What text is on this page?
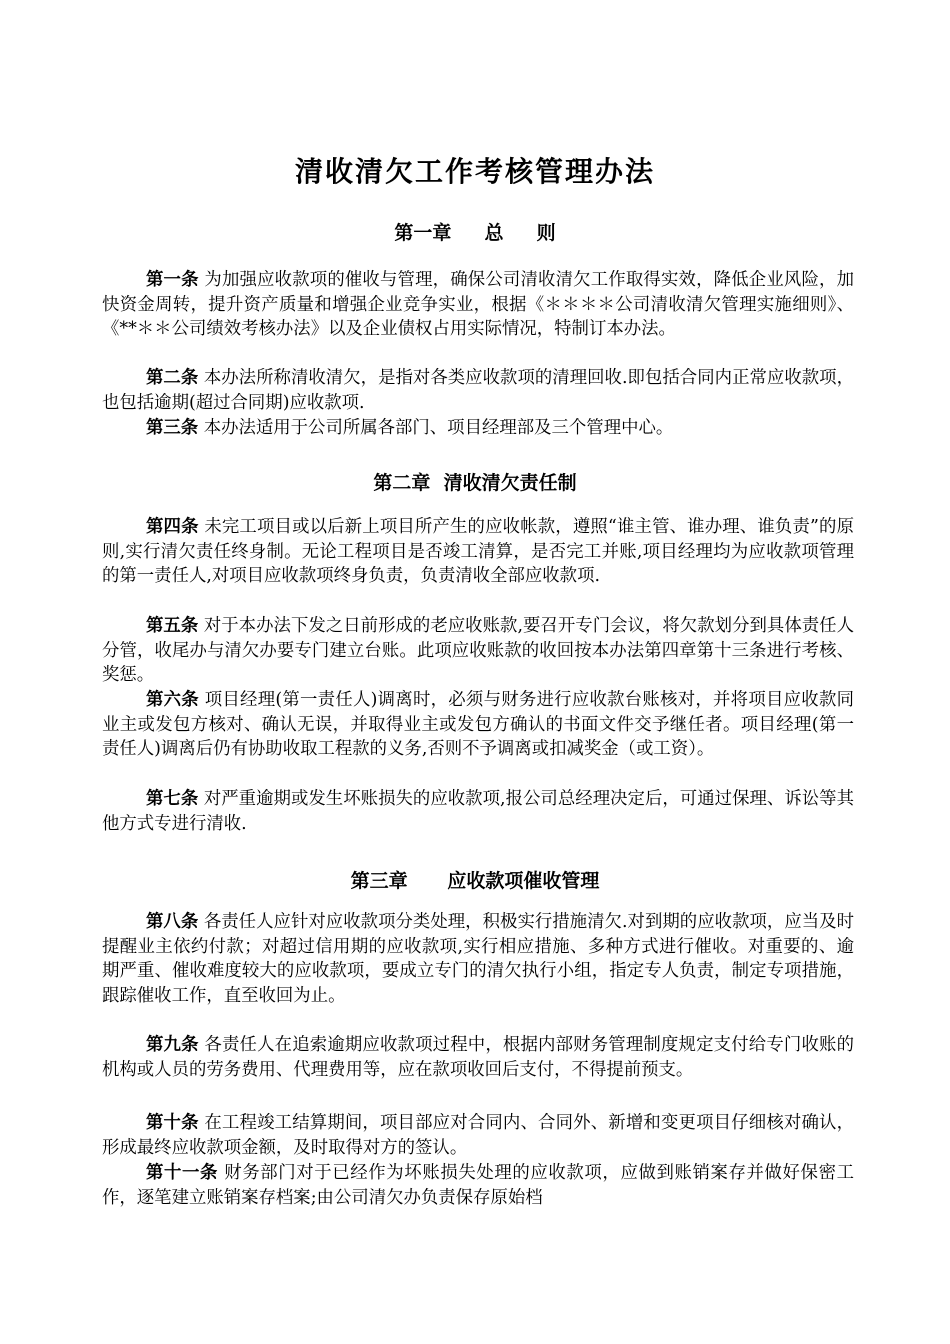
清收清欠工作考核管理办法
第一章     总     则
第一条 为加强应收款项的催收与管理，确保公司清收清欠工作取得实效，降低企业风险，加快资金周转，提升资产质量和增强企业竞争实业，根据《＊＊＊＊公司清收清欠管理实施细则》、《**＊＊公司绩效考核办法》以及企业债权占用实际情况，特制订本办法。
第二条 本办法所称清收清欠，是指对各类应收款项的清理回收.即包括合同内正常应收款项，也包括逾期(超过合同期)应收款项.
第三条 本办法适用于公司所属各部门、项目经理部及三个管理中心。
第二章  清收清欠责任制
第四条 未完工项目或以后新上项目所产生的应收帐款，遵照“谁主管、谁办理、谁负责”的原则,实行清欠责任终身制。无论工程项目是否竣工清算，是否完工并账,项目经理均为应收款项管理的第一责任人,对项目应收款项终身负责，负责清收全部应收款项.
第五条 对于本办法下发之日前形成的老应收账款,要召开专门会议，将欠款划分到具体责任人分管，收尾办与清欠办要专门建立台账。此项应收账款的收回按本办法第四章第十三条进行考核、奖惩。
第六条 项目经理(第一责任人)调离时，必须与财务进行应收款台账核对，并将项目应收款同业主或发包方核对、确认无误，并取得业主或发包方确认的书面文件交予继任者。项目经理(第一责任人)调离后仍有协助收取工程款的义务,否则不予调离或扣减奖金（或工资）。
第七条 对严重逾期或发生坏账损失的应收款项,报公司总经理决定后，可通过保理、诉讼等其他方式专进行清收.
第三章      应收款项催收管理
第八条 各责任人应针对应收款项分类处理，积极实行措施清欠.对到期的应收款项，应当及时提醒业主依约付款；对超过信用期的应收款项,实行相应措施、多种方式进行催收。对重要的、逾期严重、催收难度较大的应收款项，要成立专门的清欠执行小组，指定专人负责，制定专项措施，跟踪催收工作，直至收回为止。
第九条 各责任人在追索逾期应收款项过程中，根据内部财务管理制度规定支付给专门收账的机构或人员的劳务费用、代理费用等，应在款项收回后支付，不得提前预支。
第十条 在工程竣工结算期间，项目部应对合同内、合同外、新增和变更项目仔细核对确认，形成最终应收款项金额，及时取得对方的签认。
第十一条 财务部门对于已经作为坏账损失处理的应收款项，应做到账销案存并做好保密工作，逐笔建立账销案存档案;由公司清欠办负责保存原始档
